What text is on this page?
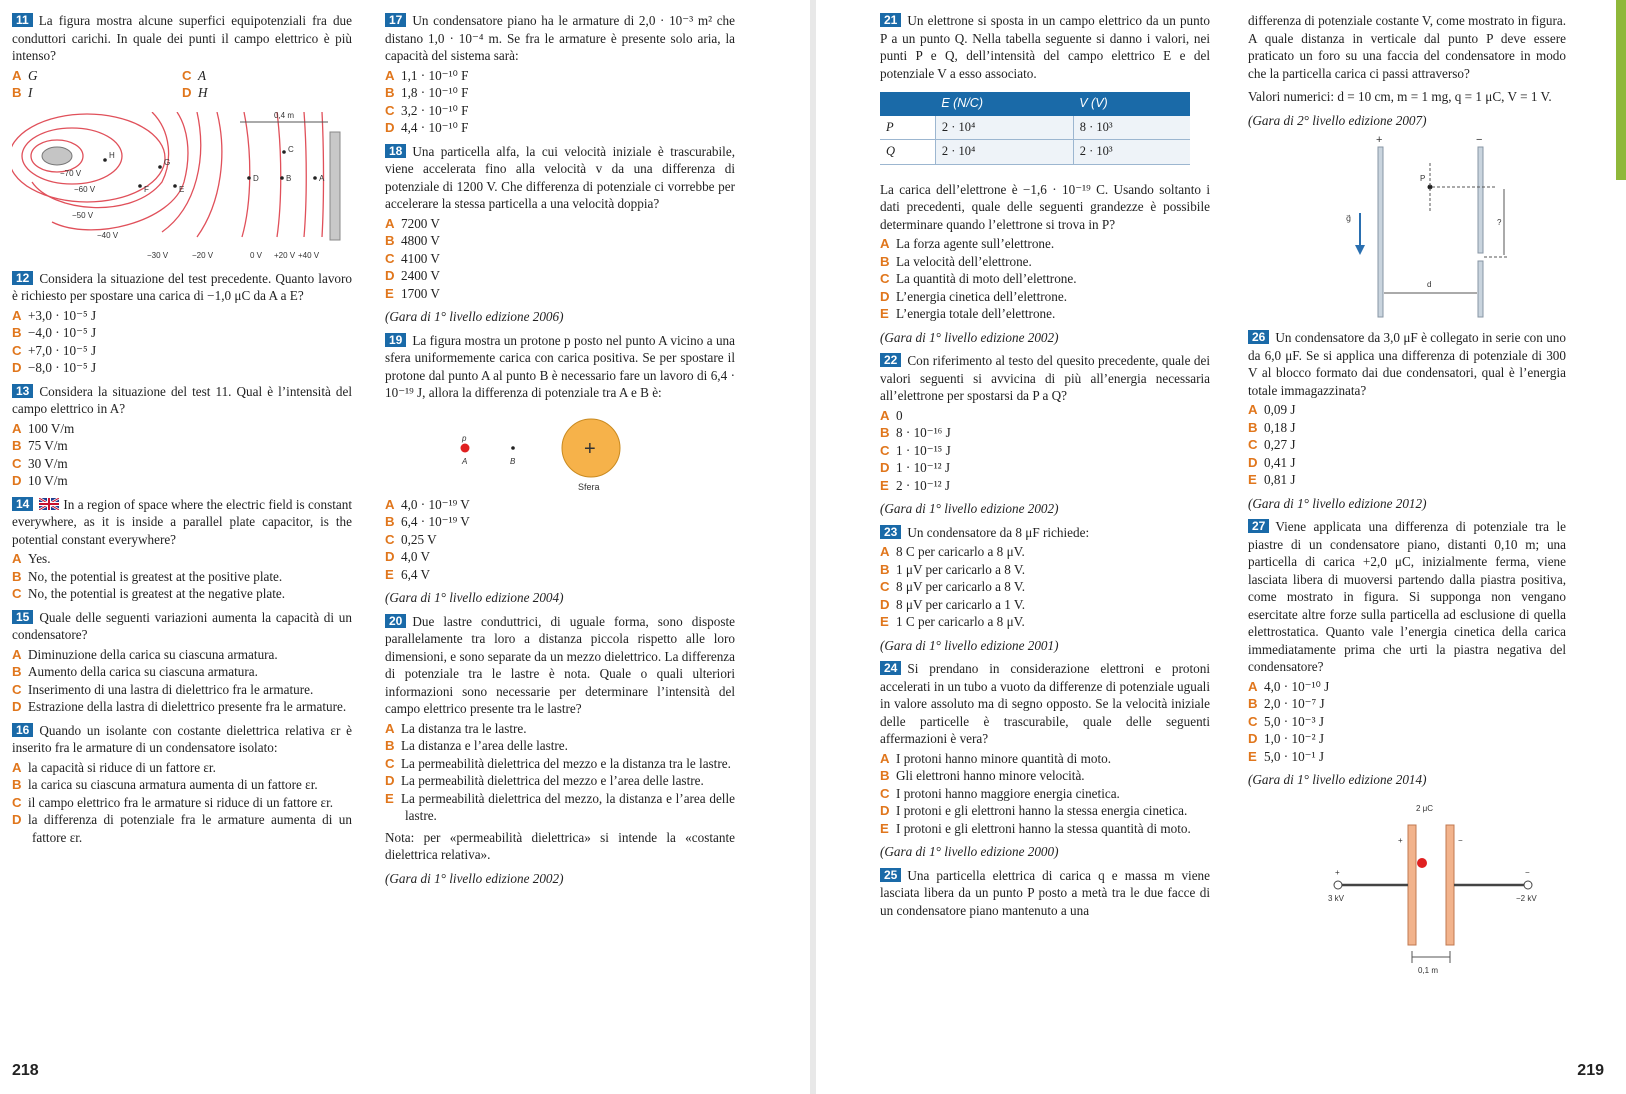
11 La figura mostra alcune superfici equipotenziali fra due conduttori carichi. In quale dei punti il campo elettrico è più intenso?
A G
B I
C A
D H
0,4 m
−70 V
−60 V
−50 V
−40 V
−30 V	−20 V	0 V +20 V +40 V
H
G
F	E
C
D	B	A
12 Considera la situazione del test precedente. Quanto lavoro è richiesto per spostare una carica di −1,0 μC da A a E?
A +3,0 · 10⁻⁵ J
B −4,0 · 10⁻⁵ J
C +7,0 · 10⁻⁵ J
D −8,0 · 10⁻⁵ J
13 Considera la situazione del test 11. Qual è l’intensità del campo elettrico in A?
A 100 V/m
B 75 V/m
C 30 V/m
D 10 V/m
14	In a region of space where the electric field is constant everywhere, as it is inside a parallel plate capacitor, is the potential constant everywhere?
A Yes.
B No, the potential is greatest at the positive plate.
C No, the potential is greatest at the negative plate.
15 Quale delle seguenti variazioni aumenta la capacità di un condensatore?
A Diminuzione della carica su ciascuna armatura.
B Aumento della carica su ciascuna armatura.
C Inserimento di una lastra di dielettrico fra le armature.
D Estrazione della lastra di dielettrico presente fra le armature.
16 Quando un isolante con costante dielettrica relativa εr è inserito fra le armature di un condensatore isolato:
A la capacità si riduce di un fattore εr.
B la carica su ciascuna armatura aumenta di un fattore εr.
C il campo elettrico fra le armature si riduce di un fattore εr.
D la differenza di potenziale fra le armature aumenta di un fattore εr.
17 Un condensatore piano ha le armature di 2,0 · 10⁻³ m² che distano 1,0 · 10⁻⁴ m. Se fra le armature è presente solo aria, la capacità del sistema sarà:
A 1,1 · 10⁻¹⁰ F
B 1,8 · 10⁻¹⁰ F
C 3,2 · 10⁻¹⁰ F
D 4,4 · 10⁻¹⁰ F
18 Una particella alfa, la cui velocità iniziale è trascurabile, viene accelerata fino alla velocità v da una differenza di potenziale di 1200 V. Che differenza di potenziale ci vorrebbe per accelerare la stessa particella a una velocità doppia?
A 7200 V
B 4800 V
C 4100 V
D 2400 V
E 1700 V
(Gara di 1° livello edizione 2006)
19 La figura mostra un protone p posto nel punto A vicino a una sfera uniformemente carica con carica positiva. Se per spostare il protone dal punto A al punto B è necessario fare un lavoro di 6,4 · 10⁻¹⁹ J, allora la differenza di potenziale tra A e B è:
p
A	B
+
Sfera
A 4,0 · 10⁻¹⁹ V
B 6,4 · 10⁻¹⁹ V
C 0,25 V
D 4,0 V
E 6,4 V
(Gara di 1° livello edizione 2004)
20 Due lastre conduttrici, di uguale forma, sono disposte parallelamente tra loro a distanza piccola rispetto alle loro dimensioni, e sono separate da un mezzo dielettrico. La differenza di potenziale tra le lastre è nota. Quale o quali ulteriori informazioni sono necessarie per determinare l’intensità del campo elettrico presente tra le lastre?
A La distanza tra le lastre.
B La distanza e l’area delle lastre.
C La permeabilità dielettrica del mezzo e la distanza tra le lastre.
D La permeabilità dielettrica del mezzo e l’area delle lastre.
E La permeabilità dielettrica del mezzo, la distanza e l’area delle lastre.
Nota: per «permeabilità dielettrica» si intende la «costante dielettrica relativa».
(Gara di 1° livello edizione 2002)
218
21 Un elettrone si sposta in un campo elettrico da un punto P a un punto Q. Nella tabella seguente si danno i valori, nei punti P e Q, dell’intensità del campo elettrico E e del potenziale V a esso associato.
	E (N/C)	V (V)
P	2 · 10⁴	8 · 10³
Q	2 · 10⁴	2 · 10³
La carica dell’elettrone è −1,6 · 10⁻¹⁹ C. Usando soltanto i dati precedenti, quale delle seguenti grandezze è possibile determinare quando l’elettrone si trova in P?
A La forza agente sull’elettrone.
B La velocità dell’elettrone.
C La quantità di moto dell’elettrone.
D L’energia cinetica dell’elettrone.
E L’energia totale dell’elettrone.
(Gara di 1° livello edizione 2002)
22 Con riferimento al testo del quesito precedente, quale dei valori seguenti si avvicina di più all’energia necessaria all’elettrone per spostarsi da P a Q?
A 0
B 8 · 10⁻¹⁶ J
C 1 · 10⁻¹⁵ J
D 1 · 10⁻¹² J
E 2 · 10⁻¹² J
(Gara di 1° livello edizione 2002)
23 Un condensatore da 8 μF richiede:
A 8 C per caricarlo a 8 μV.
B 1 μV per caricarlo a 8 V.
C 8 μV per caricarlo a 8 V.
D 8 μV per caricarlo a 1 V.
E 1 C per caricarlo a 8 μV.
(Gara di 1° livello edizione 2001)
24 Si prendano in considerazione elettroni e protoni accelerati in un tubo a vuoto da differenze di potenziale uguali in valore assoluto ma di segno opposto. Se la velocità iniziale delle particelle è trascurabile, quale delle seguenti affermazioni è vera?
A I protoni hanno minore quantità di moto.
B Gli elettroni hanno minore velocità.
C I protoni hanno maggiore energia cinetica.
D I protoni e gli elettroni hanno la stessa energia cinetica.
E I protoni e gli elettroni hanno la stessa quantità di moto.
(Gara di 1° livello edizione 2000)
25 Una particella elettrica di carica q e massa m viene lasciata libera da un punto P posto a metà tra le due facce di un condensatore piano mantenuto a una
differenza di potenziale costante V, come mostrato in figura. A quale distanza in verticale dal punto P deve essere praticato un foro su una faccia del condensatore in modo che la particella carica ci passi attraverso?
Valori numerici: d = 10 cm, m = 1 mg, q = 1 μC, V = 1 V.
(Gara di 2° livello edizione 2007)
+	−
P
?
d
g⃗
26 Un condensatore da 3,0 μF è collegato in serie con uno da 6,0 μF. Se si applica una differenza di potenziale di 300 V al blocco formato dai due condensatori, qual è l’energia totale immagazzinata?
A 0,09 J
B 0,18 J
C 0,27 J
D 0,41 J
E 0,81 J
(Gara di 1° livello edizione 2012)
27 Viene applicata una differenza di potenziale tra le piastre di un condensatore piano, distanti 0,10 m; una particella di carica +2,0 μC, inizialmente ferma, viene lasciata libera di muoversi partendo dalla piastra positiva, come mostrato in figura. Si supponga non vengano esercitate altre forze sulla particella ad esclusione di quella elettrostatica. Quanto vale l’energia cinetica della carica immediatamente prima che urti la piastra negativa del condensatore?
A 4,0 · 10⁻¹⁰ J
B 2,0 · 10⁻⁷ J
C 5,0 · 10⁻³ J
D 1,0 · 10⁻² J
E 5,0 · 10⁻¹ J
(Gara di 1° livello edizione 2014)
2 μC
+	−
+	−
3 kV	−2 kV
0,1 m
219
